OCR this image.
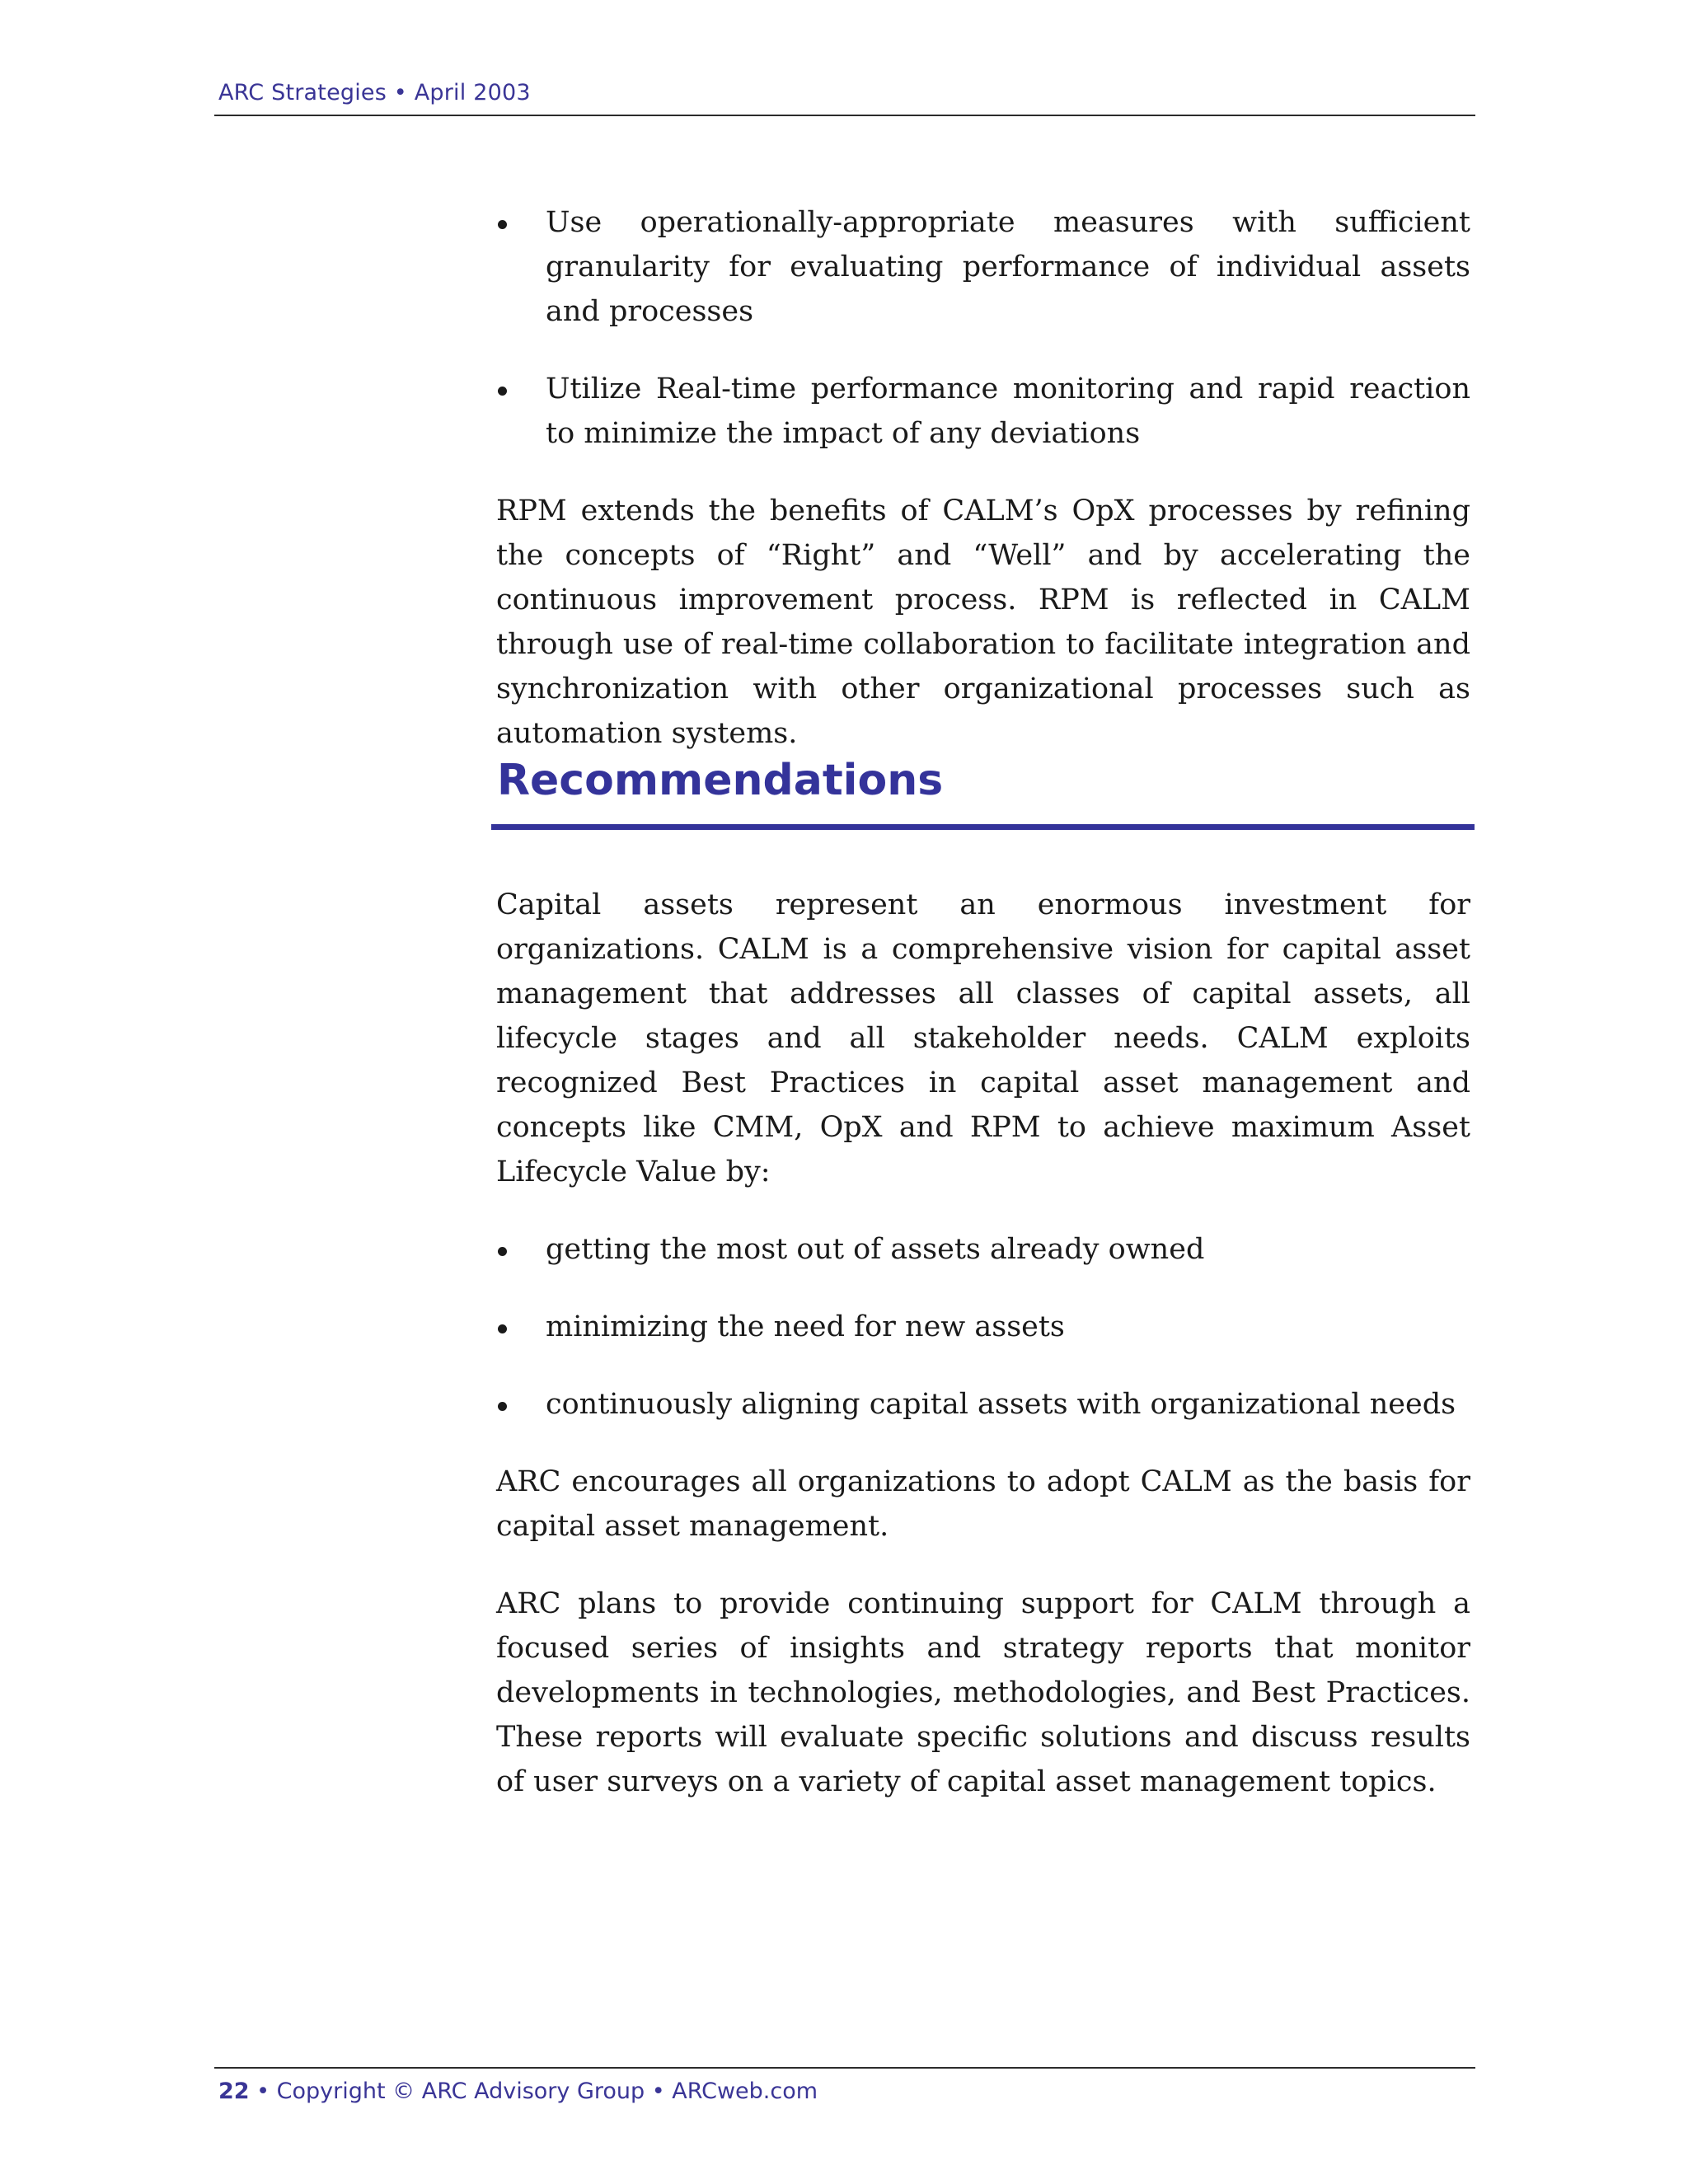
ARC Strategies • April 2003
Use operationally-appropriate measures with sufficient granularity for evaluating performance of individual assets and processes
Utilize Real-time performance monitoring and rapid reaction to minimize the impact of any deviations

RPM extends the benefits of CALM’s OpX processes by refining the concepts of “Right” and “Well” and by accelerating the continuous improvement process. RPM is reflected in CALM through use of real-time collaboration to facilitate integration and synchronization with other organizational processes such as automation systems.

Recommendations

Capital assets represent an enormous investment for organizations. CALM is a comprehensive vision for capital asset management that addresses all classes of capital assets, all lifecycle stages and all stakeholder needs. CALM exploits recognized Best Practices in capital asset management and concepts like CMM, OpX and RPM to achieve maximum Asset Lifecycle Value by:

getting the most out of assets already owned
minimizing the need for new assets
continuously aligning capital assets with organizational needs

ARC encourages all organizations to adopt CALM as the basis for capital asset management.

ARC plans to provide continuing support for CALM through a focused series of insights and strategy reports that monitor developments in technologies, methodologies, and Best Practices. These reports will evaluate specific solutions and discuss results of user surveys on a variety of capital asset management topics.

22 • Copyright © ARC Advisory Group • ARCweb.com
